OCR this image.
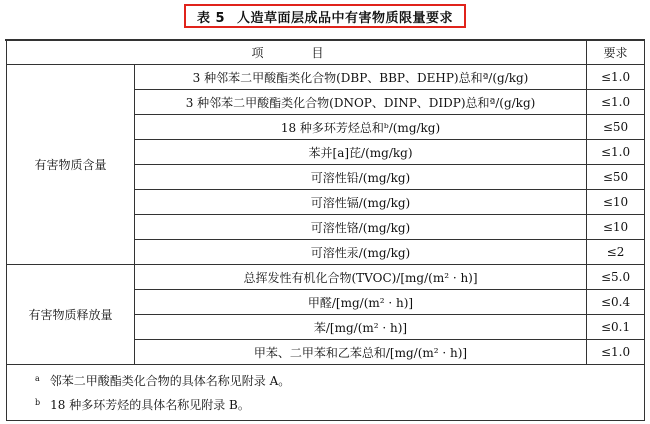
表 5 人造草面层成品中有害物质限量要求
项　目		要求
有害物质含量	3 种邻苯二甲酸酯类化合物(DBP、BBP、DEHP)总和ª/(g/kg)	≤1.0
	3 种邻苯二甲酸酯类化合物(DNOP、DINP、DIDP)总和ª/(g/kg)	≤1.0
	18 种多环芳烃总和ᵇ/(mg/kg)	≤50
	苯并[a]芘/(mg/kg)	≤1.0
	可溶性铅/(mg/kg)	≤50
	可溶性镉/(mg/kg)	≤10
	可溶性铬/(mg/kg)	≤10
	可溶性汞/(mg/kg)	≤2
有害物质释放量	总挥发性有机化合物(TVOC)/[mg/(m² · h)]	≤5.0
	甲醛/[mg/(m² · h)]	≤0.4
	苯/[mg/(m² · h)]	≤0.1
	甲苯、二甲苯和乙苯总和/[mg/(m² · h)]	≤1.0

$^a$ 邻苯二甲酸酯类化合物的具体名称见附录 A。
$^b$ 18 种多环芳烃的具体名称见附录 B。		
